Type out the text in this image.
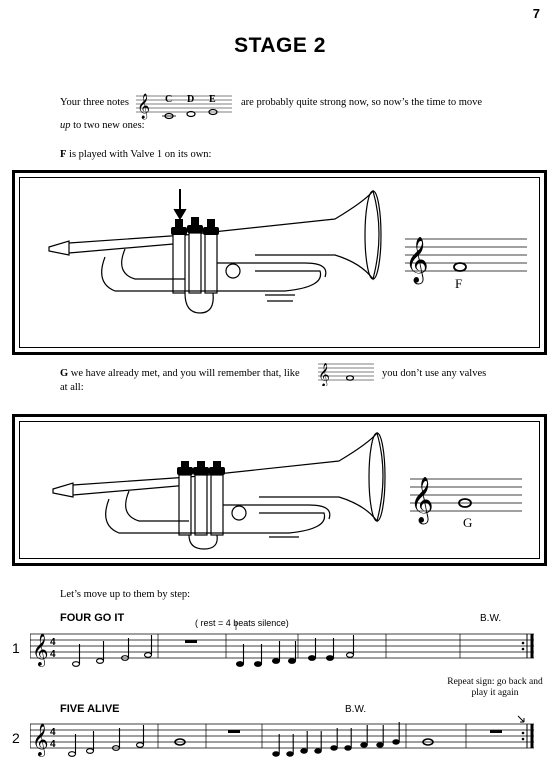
7
STAGE 2
Your three notes 𝄞 C D E are probably quite strong now, so now’s the time to move
up to two new ones:
F is played with Valve 1 on its own:
𝄞
F
G we have already met, and you will remember that, like 𝄞	you don’t use any valves
at all:
𝄞 G
Let’s move up to them by step:
FOUR GO IT	( rest = 4 beats silence)	B.W.
1 𝄞 4
4
FIVE ALIVE	B.W.
Repeat sign: go back and play it again
2 𝄞 4
4
